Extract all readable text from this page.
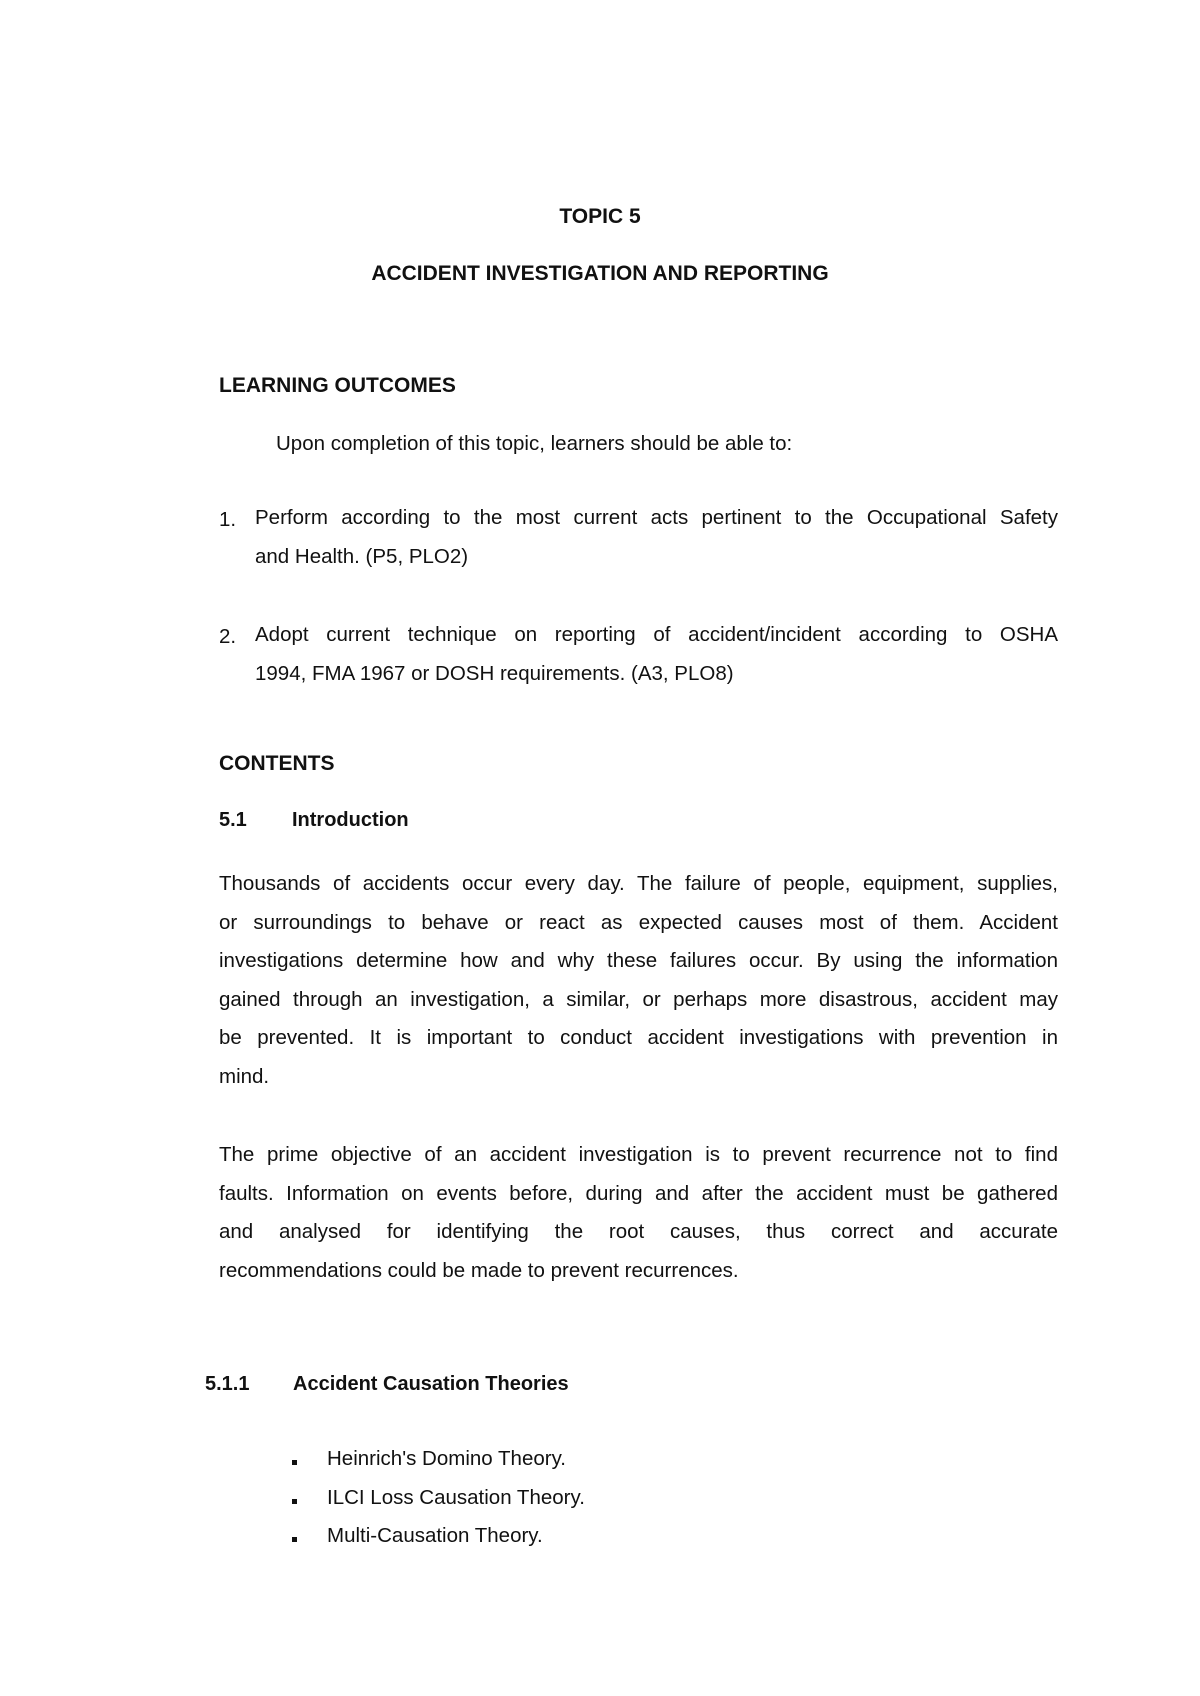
TOPIC 5
ACCIDENT INVESTIGATION AND REPORTING
LEARNING OUTCOMES
Upon completion of this topic, learners should be able to:
1. Perform according to the most current acts pertinent to the Occupational Safety
and Health. (P5, PLO2)
2. Adopt current technique on reporting of accident/incident according to OSHA
1994, FMA 1967 or DOSH requirements. (A3, PLO8)
CONTENTS
5.1 Introduction
Thousands of accidents occur every day. The failure of people, equipment, supplies,
or surroundings to behave or react as expected causes most of them. Accident
investigations determine how and why these failures occur. By using the information
gained through an investigation, a similar, or perhaps more disastrous, accident may
be prevented. It is important to conduct accident investigations with prevention in
mind.
The prime objective of an accident investigation is to prevent recurrence not to find
faults. Information on events before, during and after the accident must be gathered
and analysed for identifying the root causes, thus correct and accurate
recommendations could be made to prevent recurrences.
5.1.1 Accident Causation Theories
Heinrich's Domino Theory.
ILCI Loss Causation Theory.
Multi-Causation Theory.
